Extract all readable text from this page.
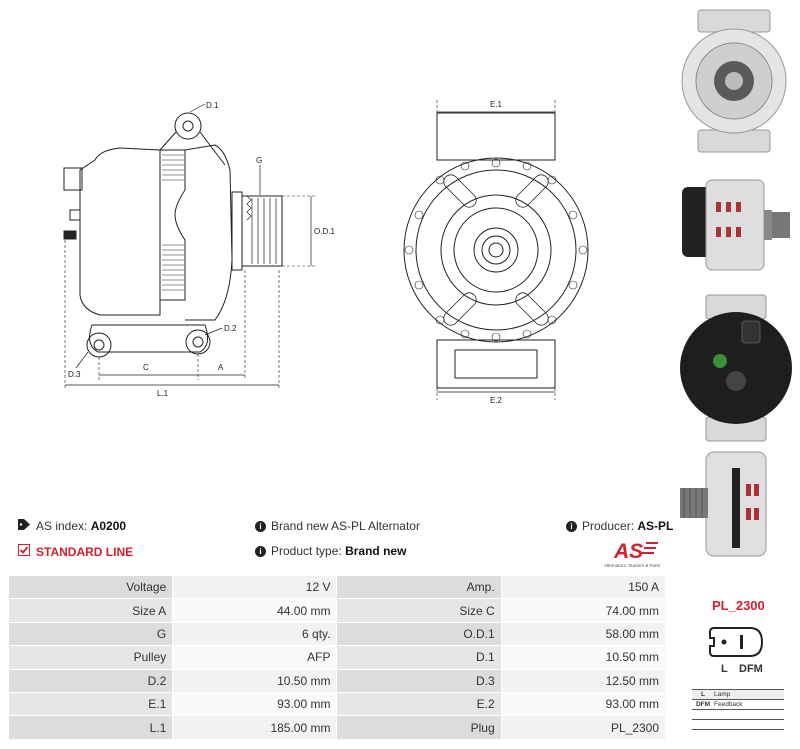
D.1
G
O.D.1
D.2
D.3
C	A
L.1
E.1
E.2
AS index:
A0200
STANDARD LINE
i Brand new AS-PL Alternator
i Product type:
Brand new
i Producer:
AS-PL
AS
Alternators, Starters & Parts
Voltage	12 V	Amp.	150 A
Size A	44.00 mm	Size C	74.00 mm
G	6 qty.	O.D.1	58.00 mm
Pulley	AFP	D.1	10.50 mm
D.2	10.50 mm	D.3	12.50 mm
E.1	93.00 mm	E.2	93.00 mm
L.1	185.00 mm	Plug	PL_2300
PL_2300
L DFM
L	Lamp
DFM Feedback
